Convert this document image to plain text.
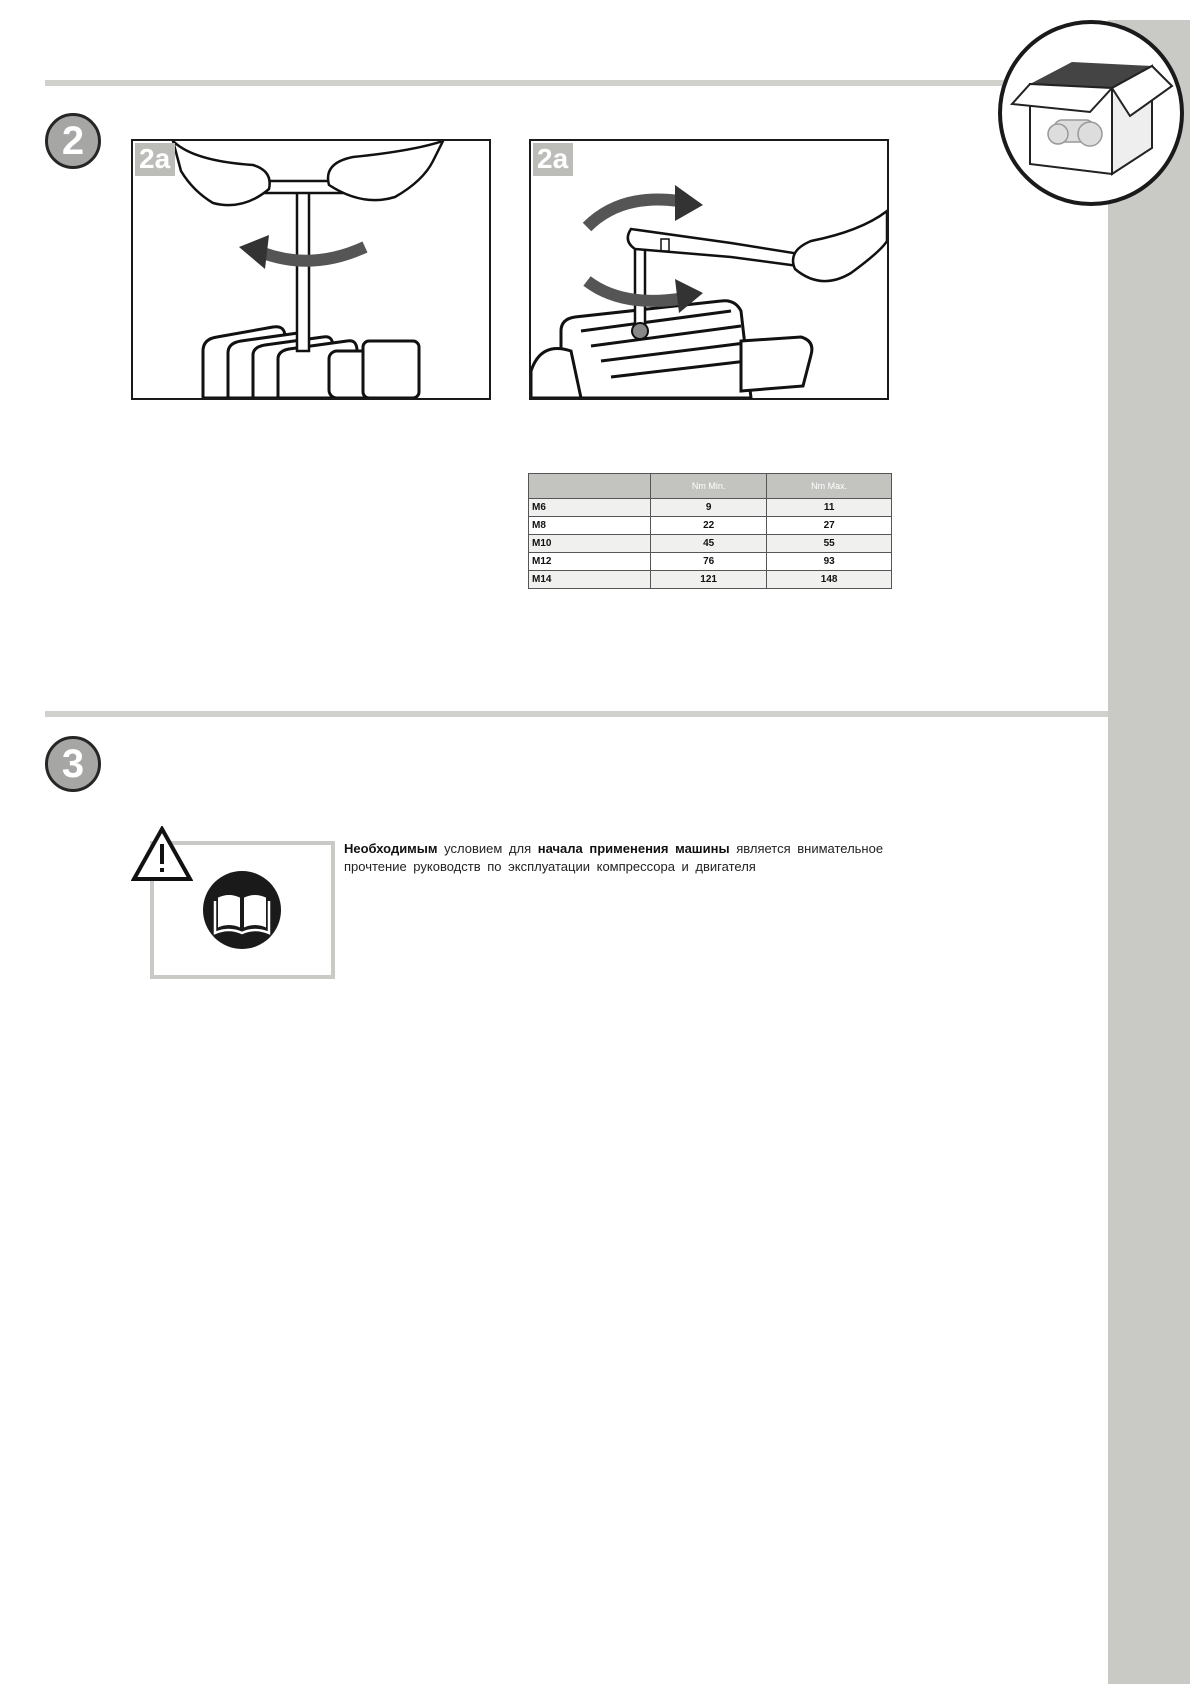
2	2a	2a
	Nm Min.	Nm Max.
M6	9	11
M8	22	27
M10	45	55
M12	76	93
M14	121	148
3
Необходимым условием для начала применения машины является внимательное прочтение руководств по эксплуатации компрессора и двигателя
